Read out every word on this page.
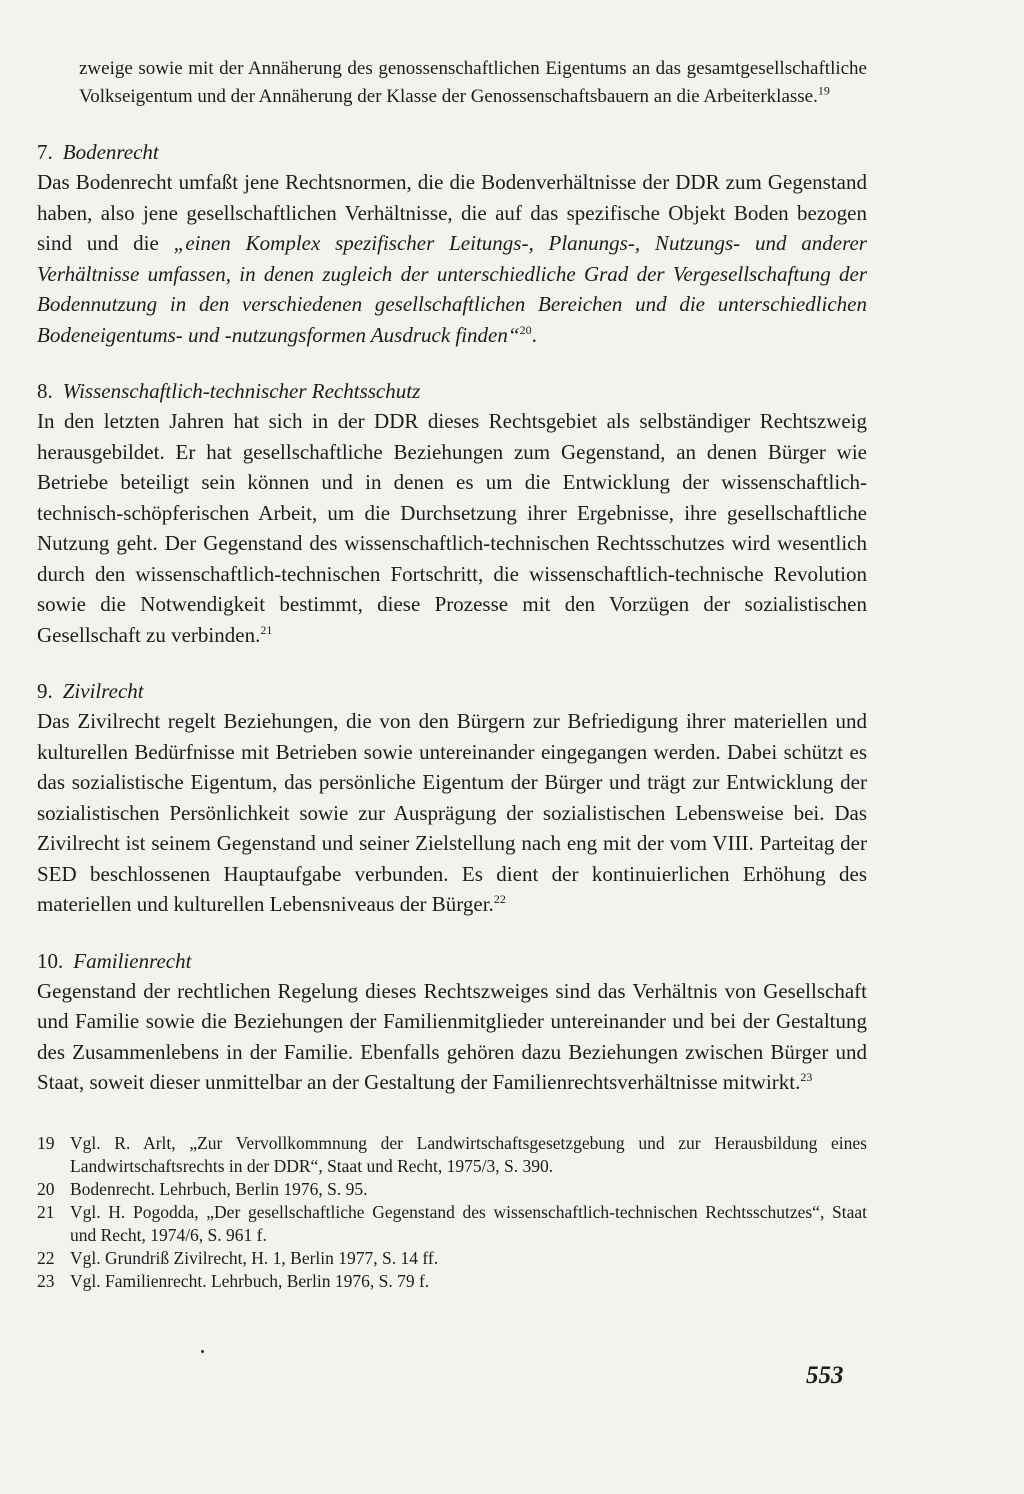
zweige sowie mit der Annäherung des genossenschaftlichen Eigentums an das gesamtgesellschaftliche Volkseigentum und der Annäherung der Klasse der Genossenschaftsbauern an die Arbeiterklasse.$^{19}$

7. Bodenrecht

Das Bodenrecht umfaßt jene Rechtsnormen, die die Bodenverhältnisse der DDR zum Gegenstand haben, also jene gesellschaftlichen Verhältnisse, die auf das spezifische Objekt Boden bezogen sind und die „einen Komplex spezifischer Leitungs-, Planungs-, Nutzungs- und anderer Verhältnisse umfassen, in denen zugleich der unterschiedliche Grad der Vergesellschaftung der Bodennutzung in den verschiedenen gesellschaftlichen Bereichen und die unterschiedlichen Bodeneigentums- und -nutzungsformen Ausdruck finden“$^{20}$.

8. Wissenschaftlich-technischer Rechtsschutz

In den letzten Jahren hat sich in der DDR dieses Rechtsgebiet als selbständiger Rechtszweig herausgebildet. Er hat gesellschaftliche Beziehungen zum Gegenstand, an denen Bürger wie Betriebe beteiligt sein können und in denen es um die Entwicklung der wissenschaftlich-technisch-schöpferischen Arbeit, um die Durchsetzung ihrer Ergebnisse, ihre gesellschaftliche Nutzung geht. Der Gegenstand des wissenschaftlich-technischen Rechtsschutzes wird wesentlich durch den wissenschaftlich-technischen Fortschritt, die wissenschaftlich-technische Revolution sowie die Notwendigkeit bestimmt, diese Prozesse mit den Vorzügen der sozialistischen Gesellschaft zu verbinden.$^{21}$

9. Zivilrecht

Das Zivilrecht regelt Beziehungen, die von den Bürgern zur Befriedigung ihrer materiellen und kulturellen Bedürfnisse mit Betrieben sowie untereinander eingegangen werden. Dabei schützt es das sozialistische Eigentum, das persönliche Eigentum der Bürger und trägt zur Entwicklung der sozialistischen Persönlichkeit sowie zur Ausprägung der sozialistischen Lebensweise bei. Das Zivilrecht ist seinem Gegenstand und seiner Zielstellung nach eng mit der vom VIII. Parteitag der SED beschlossenen Hauptaufgabe verbunden. Es dient der kontinuierlichen Erhöhung des materiellen und kulturellen Lebensniveaus der Bürger.$^{22}$

10. Familienrecht

Gegenstand der rechtlichen Regelung dieses Rechtszweiges sind das Verhältnis von Gesellschaft und Familie sowie die Beziehungen der Familienmitglieder untereinander und bei der Gestaltung des Zusammenlebens in der Familie. Ebenfalls gehören dazu Beziehungen zwischen Bürger und Staat, soweit dieser unmittelbar an der Gestaltung der Familienrechtsverhältnisse mitwirkt.$^{23}$

19 Vgl. R. Arlt, „Zur Vervollkommnung der Landwirtschaftsgesetzgebung und zur Herausbildung eines Landwirtschaftsrechts in der DDR“, Staat und Recht, 1975/3, S. 390.
20 Bodenrecht. Lehrbuch, Berlin 1976, S. 95.
21 Vgl. H. Pogodda, „Der gesellschaftliche Gegenstand des wissenschaftlich-technischen Rechtsschutzes“, Staat und Recht, 1974/6, S. 961 f.
22 Vgl. Grundriß Zivilrecht, H. 1, Berlin 1977, S. 14 ff.
23 Vgl. Familienrecht. Lehrbuch, Berlin 1976, S. 79 f.
553
